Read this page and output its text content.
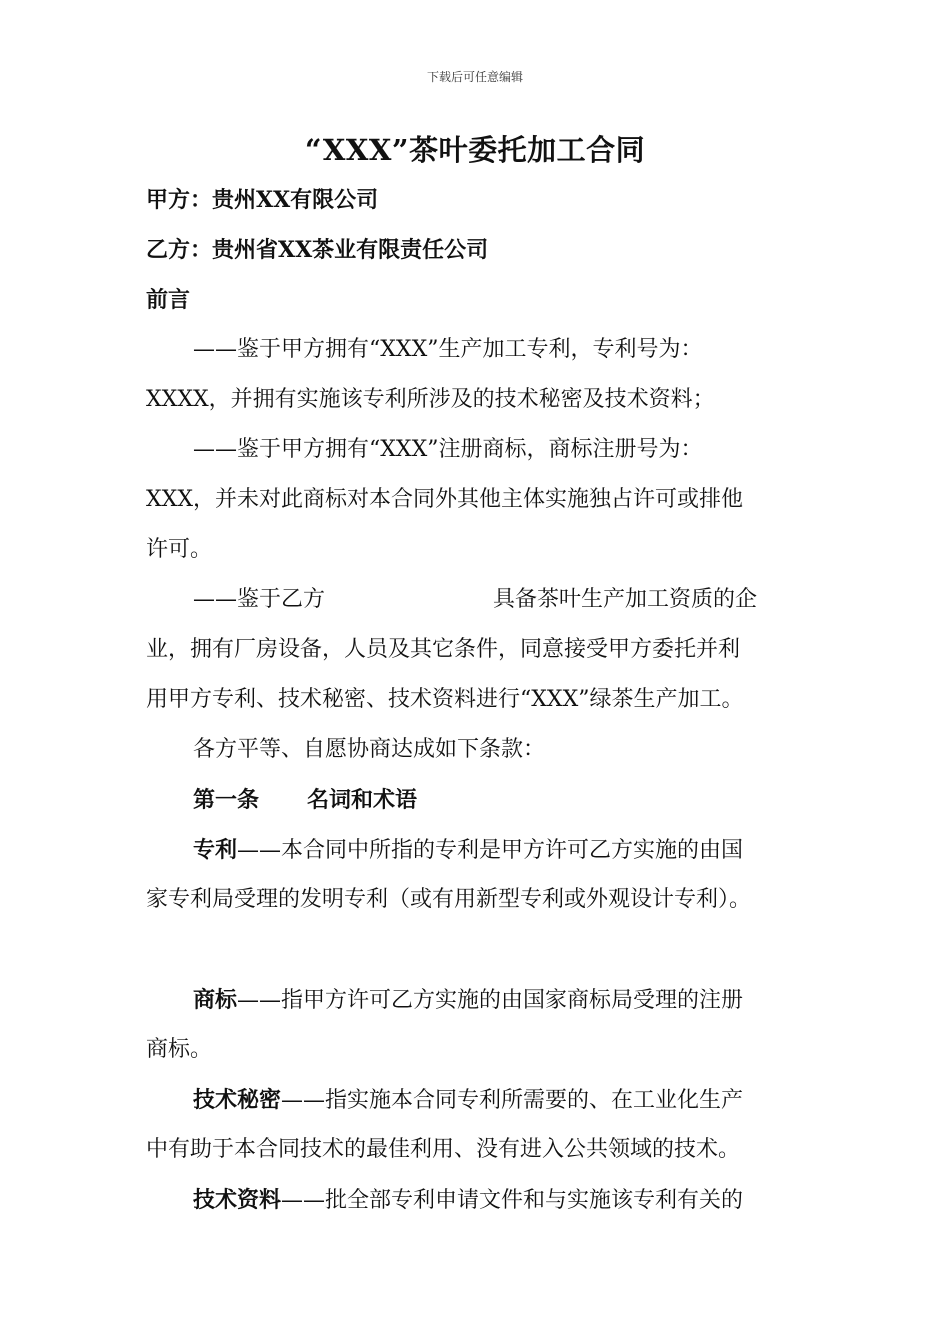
下载后可任意编辑
“XXX”茶叶委托加工合同
甲方：贵州XX有限公司
乙方：贵州省XX茶业有限责任公司
前言
——鉴于甲方拥有“XXX”生产加工专利，专利号为：
XXXX，并拥有实施该专利所涉及的技术秘密及技术资料；
——鉴于甲方拥有“XXX”注册商标，商标注册号为：
XXX，并未对此商标对本合同外其他主体实施独占许可或排他
许可。
——鉴于乙方	具备茶叶生产加工资质的企
业，拥有厂房设备，人员及其它条件，同意接受甲方委托并利
用甲方专利、技术秘密、技术资料进行“XXX”绿茶生产加工。
各方平等、自愿协商达成如下条款：
第一条 名词和术语
专利——本合同中所指的专利是甲方许可乙方实施的由国
家专利局受理的发明专利（或有用新型专利或外观设计专利）。
商标——指甲方许可乙方实施的由国家商标局受理的注册
商标。
技术秘密——指实施本合同专利所需要的、在工业化生产
中有助于本合同技术的最佳利用、没有进入公共领域的技术。
技术资料——批全部专利申请文件和与实施该专利有关的
